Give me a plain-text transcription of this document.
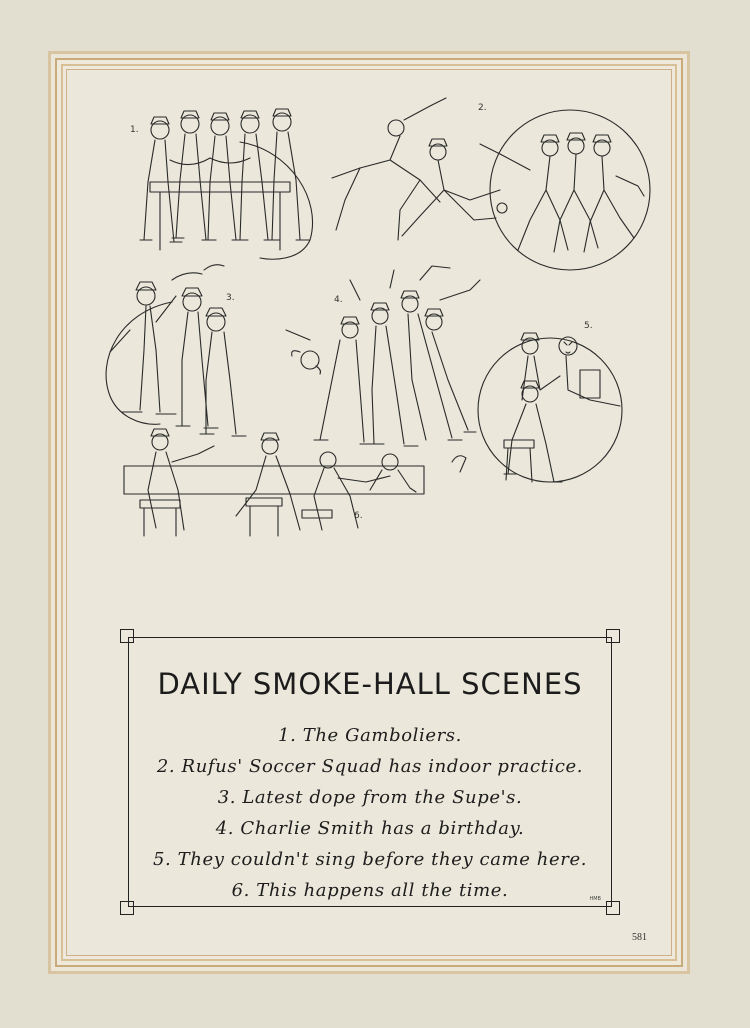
1.
2.
3.	4.
5.
6.
DAILY SMOKE-HALL SCENES
1. The Gamboliers.
2. Rufus' Soccer Squad has indoor practice.
3. Latest dope from the Supe's.
4. Charlie Smith has a birthday.
5. They couldn't sing before they came here.
6. This happens all the time.	HMB
581
